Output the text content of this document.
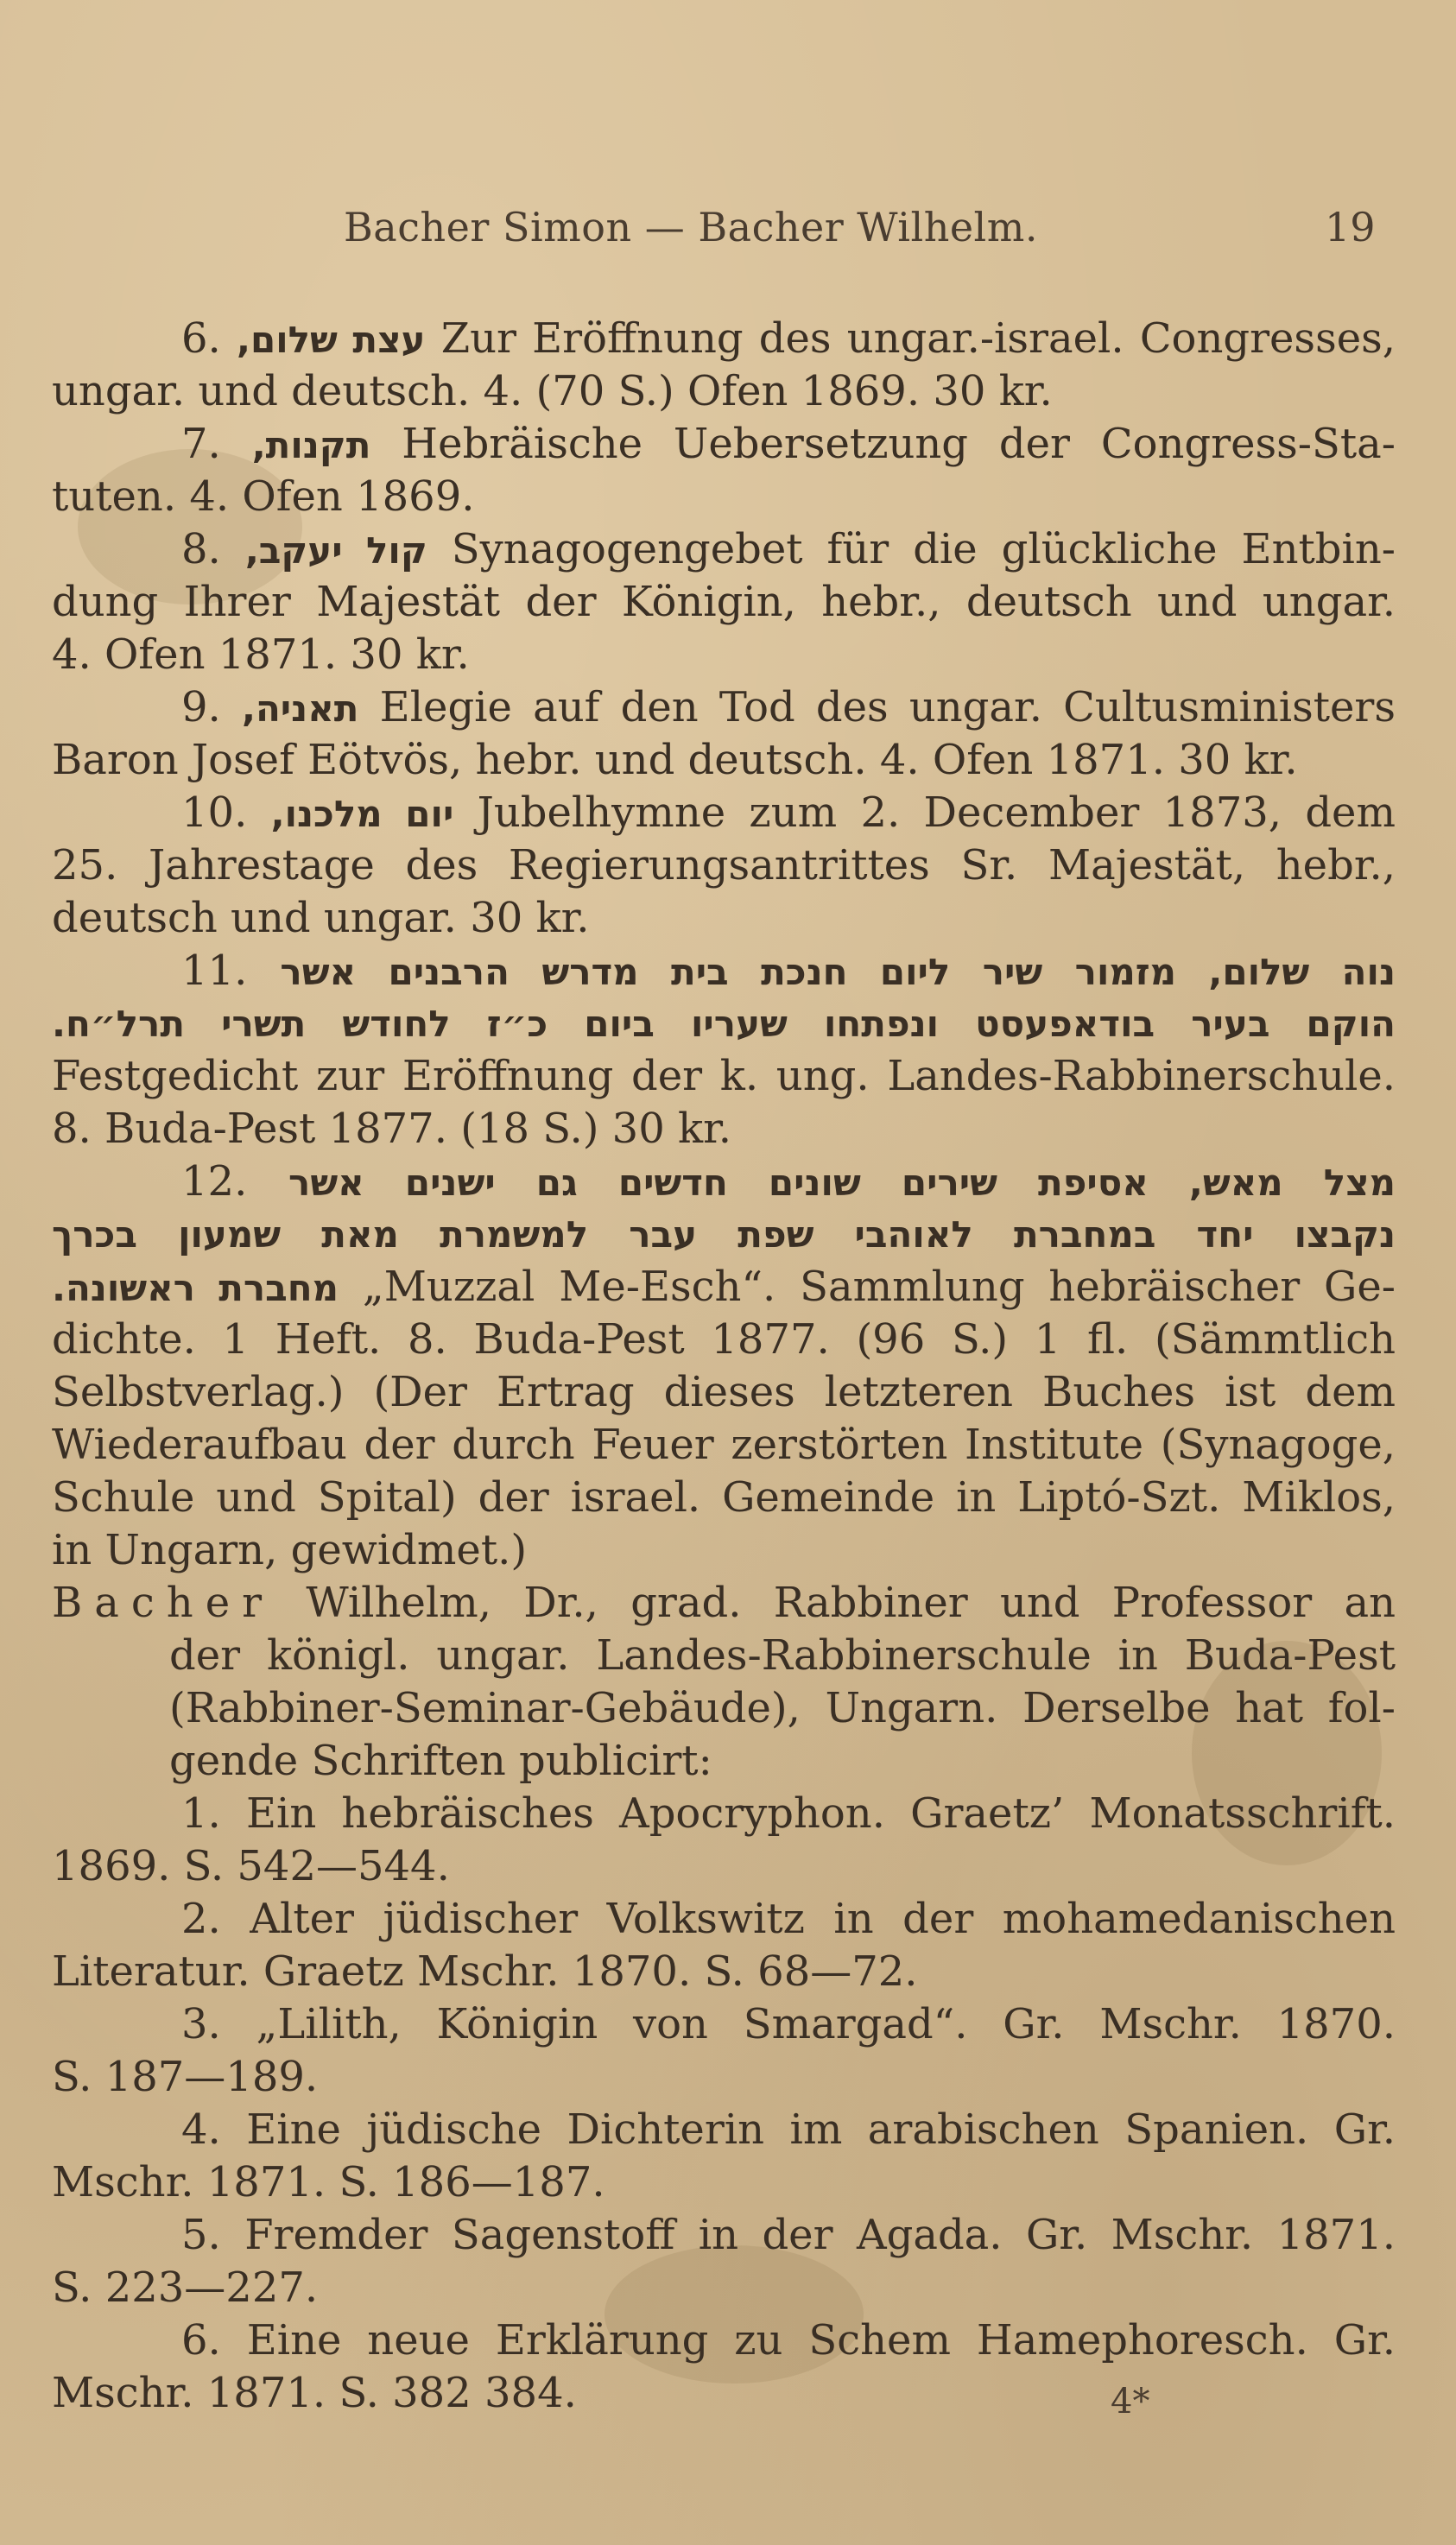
Bacher Simon — Bacher Wilhelm.	19
6. עצת שלום, Zur Eröffnung des ungar.-israel. Congresses,
ungar. und deutsch. 4. (70 S.) Ofen 1869. 30 kr.
7. תקנות, Hebräische Uebersetzung der Congress-Sta-
tuten. 4. Ofen 1869.
8. קול יעקב, Synagogengebet für die glückliche Entbin-
dung Ihrer Majestät der Königin, hebr., deutsch und ungar.
4. Ofen 1871. 30 kr.
9. תאניה, Elegie auf den Tod des ungar. Cultusministers
Baron Josef Eötvös, hebr. und deutsch. 4. Ofen 1871. 30 kr.
10. יום מלכנו, Jubelhymne zum 2. December 1873, dem
25. Jahrestage des Regierungsantrittes Sr. Majestät, hebr.,
deutsch und ungar. 30 kr.
11. נוה שלום, מזמור שיר ליום חנכת בית מדרש הרבנים אשר
הוקם בעיר בודאפעסט ונפתחו שעריו ביום כ״ז לחודש תשרי תרל״ח.
Festgedicht zur Eröffnung der k. ung. Landes-Rabbinerschule.
8. Buda-Pest 1877. (18 S.) 30 kr.
12. מצל מאש, אסיפת שירים שונים חדשים גם ישנים אשר
נקבצו יחד במחברת לאוהבי שפת עבר למשמרת מאת שמעון בכרך
מחברת ראשונה. „Muzzal Me-Esch“. Sammlung hebräischer Ge-
dichte. 1 Heft. 8. Buda-Pest 1877. (96 S.) 1 fl. (Sämmtlich
Selbstverlag.) (Der Ertrag dieses letzteren Buches ist dem
Wiederaufbau der durch Feuer zerstörten Institute (Synagoge,
Schule und Spital) der israel. Gemeinde in Liptó-Szt. Miklos,
in Ungarn, gewidmet.)
Bacher Wilhelm, Dr., grad. Rabbiner und Professor an
der königl. ungar. Landes-Rabbinerschule in Buda-Pest
(Rabbiner-Seminar-Gebäude), Ungarn. Derselbe hat fol-
gende Schriften publicirt:
1. Ein hebräisches Apocryphon. Graetz’ Monatsschrift.
1869. S. 542—544.
2. Alter jüdischer Volkswitz in der mohamedanischen
Literatur. Graetz Mschr. 1870. S. 68—72.
3. „Lilith, Königin von Smargad“. Gr. Mschr. 1870.
S. 187—189.
4. Eine jüdische Dichterin im arabischen Spanien. Gr.
Mschr. 1871. S. 186—187.
5. Fremder Sagenstoff in der Agada. Gr. Mschr. 1871.
S. 223—227.
6. Eine neue Erklärung zu Schem Hamephoresch. Gr.
Mschr. 1871. S. 382 384.	4*
